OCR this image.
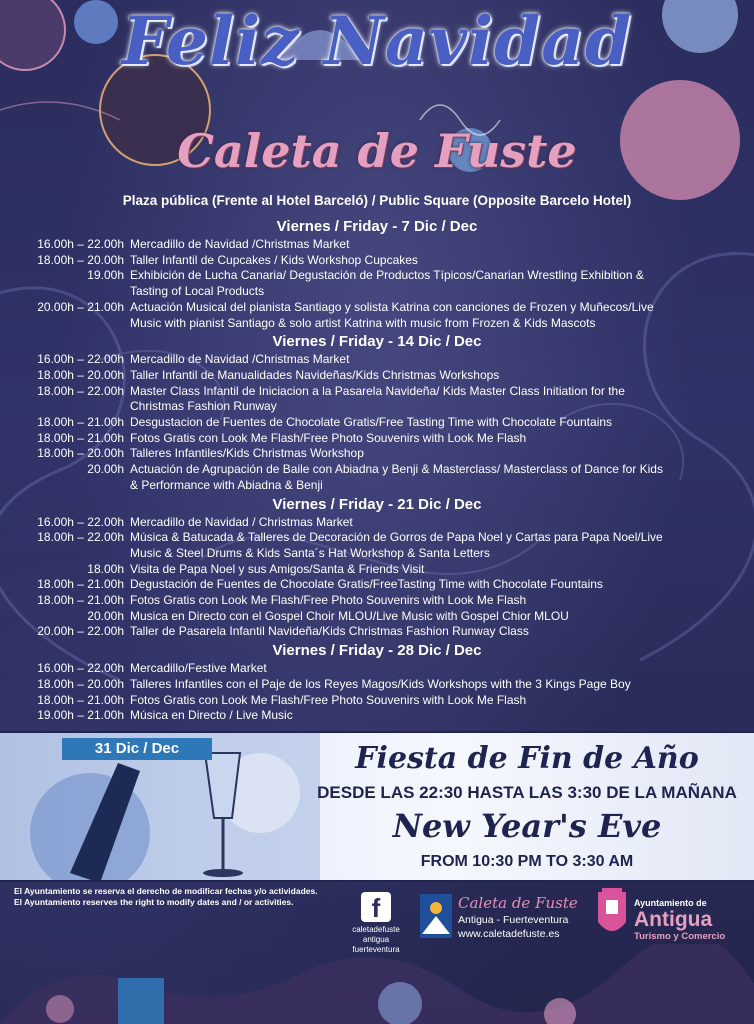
Feliz Navidad
Caleta de Fuste
Plaza pública (Frente al Hotel Barceló) / Public Square (Opposite Barcelo Hotel)
Viernes / Friday - 7 Dic / Dec
16.00h – 22.00h Mercadillo de Navidad /Christmas Market
18.00h – 20.00h Taller Infantil de Cupcakes / Kids Workshop Cupcakes
19.00h Exhibición de Lucha Canaria/ Degustación de Productos Típicos/Canarian Wrestling Exhibition &
Tasting of Local Products
20.00h – 21.00h Actuación Musical del pianista Santiago y solista Katrina con canciones de Frozen y Muñecos/Live
Music with pianist Santiago & solo artist Katrina with music from Frozen & Kids Mascots
Viernes / Friday - 14 Dic / Dec
16.00h – 22.00h Mercadillo de Navidad /Christmas Market
18.00h – 20.00h Taller Infantil de Manualidades Navideñas/Kids Christmas Workshops
18.00h – 22.00h Master Class Infantil de Iniciacion a la Pasarela Navideña/ Kids Master Class Initiation for the
Christmas Fashion Runway
18.00h – 21.00h Desgustacion de Fuentes de Chocolate Gratis/Free Tasting Time with Chocolate Fountains
18.00h – 21.00h Fotos Gratis con Look Me Flash/Free Photo Souvenirs with Look Me Flash
18.00h – 20.00h Talleres Infantiles/Kids Christmas Workshop
20.00h Actuación de Agrupación de Baile con Abiadna y Benji & Masterclass/ Masterclass of Dance for Kids
& Performance with Abiadna & Benji
Viernes / Friday - 21 Dic / Dec
16.00h – 22.00h Mercadillo de Navidad / Christmas Market
18.00h – 22.00h Música & Batucada & Talleres de Decoración de Gorros de Papa Noel y Cartas para Papa Noel/Live
Music & Steel Drums & Kids Santa´s Hat Workshop & Santa Letters
18.00h Visita de Papa Noel y sus Amigos/Santa & Friends Visit
18.00h – 21.00h Degustación de Fuentes de Chocolate Gratis/FreeTasting Time with Chocolate Fountains
18.00h – 21.00h Fotos Gratis con Look Me Flash/Free Photo Souvenirs with Look Me Flash
20.00h Musica en Directo con el Gospel Choir MLOU/Live Music with Gospel Chior MLOU
20.00h – 22.00h Taller de Pasarela Infantil Navideña/Kids Christmas Fashion Runway Class
Viernes / Friday - 28 Dic / Dec
16.00h – 22.00h Mercadillo/Festive Market
18.00h – 20.00h Talleres Infantiles con el Paje de los Reyes Magos/Kids Workshops with the 3 Kings Page Boy
18.00h – 21.00h Fotos Gratis con Look Me Flash/Free Photo Souvenirs with Look Me Flash
19.00h – 21.00h Música en Directo / Live Music
31 Dic / Dec	Fiesta de Fin de Año
DESDE LAS 22:30 HASTA LAS 3:30 DE LA MAÑANA
New Year's Eve
FROM 10:30 PM TO 3:30 AM
El Ayuntamiento se reserva el derecho de modificar fechas y/o actividades.
El Ayuntamiento reserves the right to modify dates and / or activities.	f
caletadefuste
antigua
fuerteventura
Caleta de Fuste
Antigua - Fuerteventura
www.caletadefuste.es
Ayuntamiento de
Antigua
Turismo y Comercio
